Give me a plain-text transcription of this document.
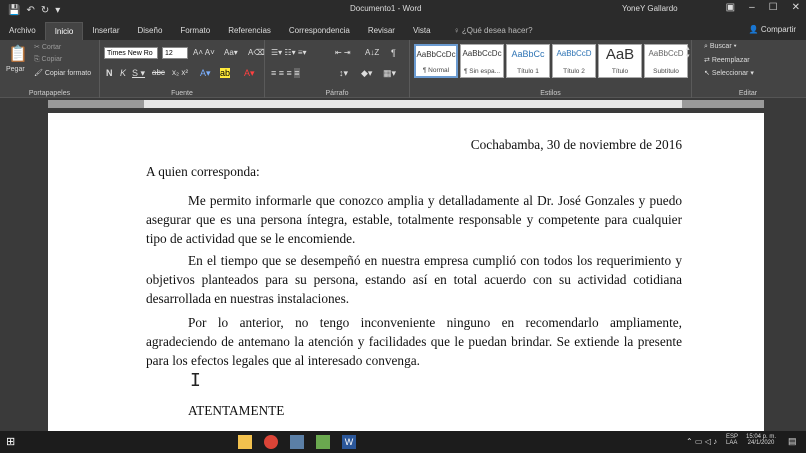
💾 ↶ ↻ ▾	Documento1 - Word	YoneY Gallardo	▣ – ☐ ✕
Archivo	Inicio	Insertar	Diseño	Formato	Referencias	Correspondencia	Revisar	Vista	♀ ¿Qué desea hacer?	👤 Compartir
📋
Pegar
✂ Cortar
⎘ Copiar
🖌 Copiar formato
Portapapeles
Times New Ro	12	A˄ A˅ Aa▾ A⌫
N K S ▾ abc x₂ x² A▾ ab A▾
Fuente
☰▾ ☷▾ ≡▾	⇤ ⇥ A↓Z ¶
≡ ≡ ≡ ≡	↕▾ ◆▾ ▦▾
Párrafo
AaBbCcDc
¶ Normal
AaBbCcDc
¶ Sin espa...
AaBbCc
Título 1
AaBbCcD
Título 2
AaB
Título
AaBbCcD
Subtítulo
▴
▾
Estilos
⌕ Buscar ▾
⇄ Reemplazar
↖ Seleccionar ▾
Editar
Cochabamba, 30 de noviembre de 2016
A quien corresponda:
Me permito informarle que conozco amplia y detalladamente al Dr. José Gonzales y puedo asegurar que es una persona íntegra, estable, totalmente responsable y competente para cualquier tipo de actividad que se le encomiende.
En el tiempo que se desempeñó en nuestra empresa cumplió con todos los requerimiento y objetivos planteados para su persona, estando así en total acuerdo con su actividad cotidiana desarrollada en nuestras instalaciones.
Por lo anterior, no tengo inconveniente ninguno en recomendarlo ampliamente, agradeciendo de antemano la atención y facilidades que le puedan brindar. Se extiende la presente para los efectos legales que al interesado convenga.
I
ATENTAMENTE
⊞	W	⌃ ▭ ◁ ♪ ESP
LAA
15:04 p. m.
24/1/2020 ▤
